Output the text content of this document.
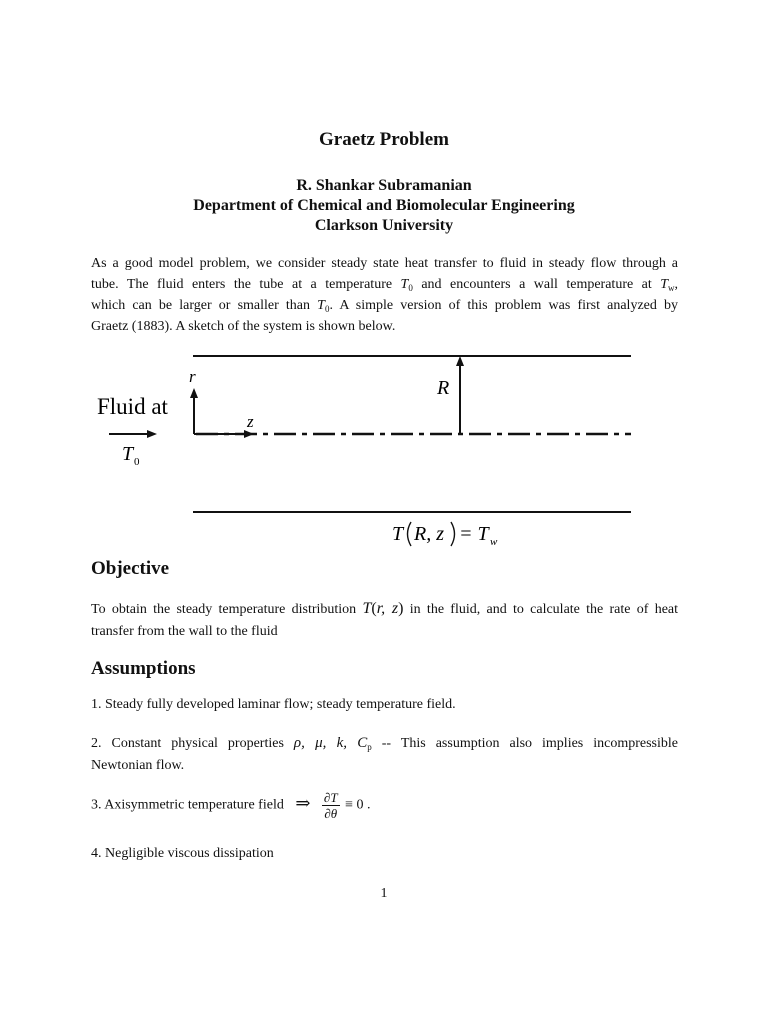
Graetz Problem
R. Shankar Subramanian
Department of Chemical and Biomolecular Engineering
Clarkson University
As a good model problem, we consider steady state heat transfer to fluid in steady flow through a
tube. The fluid enters the tube at a temperature $T_0$ and encounters a wall temperature at $T_w$,
which can be larger or smaller than $T_0$. A simple version of this problem was first analyzed by
Graetz (1883). A sketch of the system is shown below.
r
z
R
Fluid at
T 0
T R, z = T w
Objective
To obtain the steady temperature distribution T(r, z) in the fluid, and to calculate the rate of heat
transfer from the wall to the fluid
Assumptions
1. Steady fully developed laminar flow; steady temperature field.
2. Constant physical properties ρ, μ, k, $C_p$ -- This assumption also implies incompressible
Newtonian flow.
3. Axisymmetric temperature field ⇒ $\frac{\partial T}{\partial\theta} \equiv 0$ .
4. Negligible viscous dissipation
1
